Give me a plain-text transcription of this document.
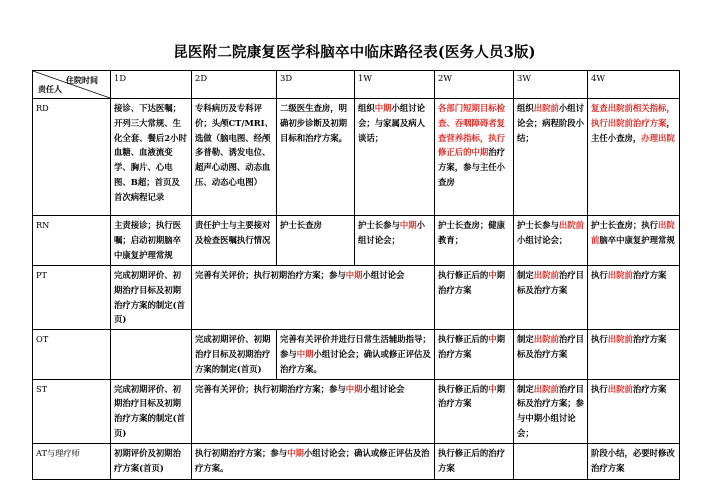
昆医附二院康复医学科脑卒中临床路径表(医务人员3版)
住院时间
责任人	1D	2D	3D	1W	2W	3W	4W
RD	接诊、下达医嘱；开列三大常规、生化全套、餐后2小时血糖、血液流变学、胸片、心电图、B超；首页及首次病程记录	专科病历及专科评价；头颅CT/MRI、选做（脑电图、经颅多普勒、诱发电位、超声心动图、动态血压、动态心电图）	二级医生查房，明确初步诊断及初期目标和治疗方案。	组织中期小组讨论会；与家属及病人谈话；	各部门短期目标检查、吞咽障碍者复查营养指标，执行修正后的中期治疗方案，参与主任小查房	组织出院前小组讨论会；病程阶段小结；	复查出院前相关指标，执行出院前治疗方案，主任小查房，办理出院
RN	主责接诊；执行医嘱；启动初期脑卒中康复护理常规	责任护士与主要接对及检查医嘱执行情况	护士长查房	护士长参与中期小组讨论会；	护士长查房；健康教育；	护士长参与出院前小组讨论会；	护士长查房；执行出院前脑卒中康复护理常规
PT	完成初期评价、初期治疗目标及初期治疗方案的制定(首页)	完善有关评价；执行初期治疗方案；参与中期小组讨论会			执行修正后的中期治疗方案	制定出院前治疗目标及治疗方案	执行出院前治疗方案
OT		完成初期评价、初期治疗目标及初期治疗方案的制定(首页)	完善有关评价并进行日常生活辅助指导；参与中期小组讨论会；确认或修正评估及治疗方案。		执行修正后的中期治疗方案	制定出院前治疗目标及治疗方案	执行出院前治疗方案
ST	完成初期评价、初期治疗目标及初期治疗方案的制定(首页)	完善有关评价；执行初期治疗方案；参与中期小组讨论会			执行修正后的中期治疗方案	制定出院前治疗目标及治疗方案；参与中期小组讨论会；	执行出院前治疗方案
AT与理疗师	初期评价及初期治疗方案(首页)	执行初期治疗方案；参与中期小组讨论会；确认或修正评估及治疗方案。			执行修正后的治疗方案		阶段小结，必要时修改治疗方案
